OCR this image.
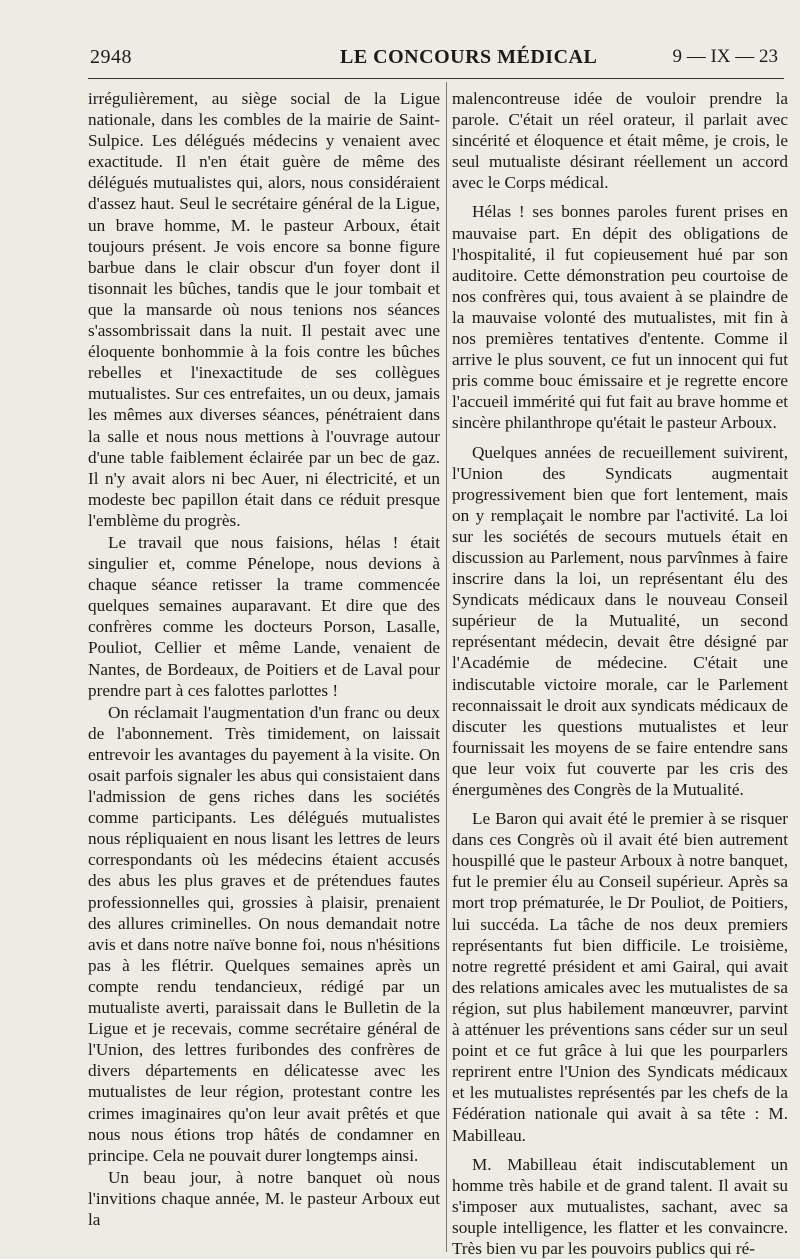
2948	LE CONCOURS MÉDICAL	9 — IX — 23

irrégulièrement, au siège social de la Ligue nationale, dans les combles de la mairie de Saint-Sulpice. Les délégués médecins y venaient avec exactitude. Il n'en était guère de même des délégués mutualistes qui, alors, nous considéraient d'assez haut. Seul le secrétaire général de la Ligue, un brave homme, M. le pasteur Arboux, était toujours présent. Je vois encore sa bonne figure barbue dans le clair obscur d'un foyer dont il tisonnait les bûches, tandis que le jour tombait et que la mansarde où nous tenions nos séances s'assombrissait dans la nuit. Il pestait avec une éloquente bonhommie à la fois contre les bûches rebelles et l'inexactitude de ses collègues mutualistes. Sur ces entrefaites, un ou deux, jamais les mêmes aux diverses séances, pénétraient dans la salle et nous nous mettions à l'ouvrage autour d'une table faiblement éclairée par un bec de gaz. Il n'y avait alors ni bec Auer, ni électricité, et un modeste bec papillon était dans ce réduit presque l'emblème du progrès.

Le travail que nous faisions, hélas ! était singulier et, comme Pénelope, nous devions à chaque séance retisser la trame commencée quelques semaines auparavant. Et dire que des confrères comme les docteurs Porson, Lasalle, Pouliot, Cellier et même Lande, venaient de Nantes, de Bordeaux, de Poitiers et de Laval pour prendre part à ces falottes parlottes !

On réclamait l'augmentation d'un franc ou deux de l'abonnement. Très timidement, on laissait entrevoir les avantages du payement à la visite. On osait parfois signaler les abus qui consistaient dans l'admission de gens riches dans les sociétés comme participants. Les délégués mutualistes nous répliquaient en nous lisant les lettres de leurs correspondants où les médecins étaient accusés des abus les plus graves et de prétendues fautes professionnelles qui, grossies à plaisir, prenaient des allures criminelles. On nous demandait notre avis et dans notre naïve bonne foi, nous n'hésitions pas à les flétrir. Quelques semaines après un compte rendu tendancieux, rédigé par un mutualiste averti, paraissait dans le Bulletin de la Ligue et je recevais, comme secrétaire général de l'Union, des lettres furibondes des confrères de divers départements en délicatesse avec les mutualistes de leur région, protestant contre les crimes imaginaires qu'on leur avait prêtés et que nous nous étions trop hâtés de condamner en principe. Cela ne pouvait durer longtemps ainsi.

Un beau jour, à notre banquet où nous l'invitions chaque année, M. le pasteur Arboux eut la

malencontreuse idée de vouloir prendre la parole. C'était un réel orateur, il parlait avec sincérité et éloquence et était même, je crois, le seul mutualiste désirant réellement un accord avec le Corps médical.

Hélas ! ses bonnes paroles furent prises en mauvaise part. En dépit des obligations de l'hospitalité, il fut copieusement hué par son auditoire. Cette démonstration peu courtoise de nos confrères qui, tous avaient à se plaindre de la mauvaise volonté des mutualistes, mit fin à nos premières tentatives d'entente. Comme il arrive le plus souvent, ce fut un innocent qui fut pris comme bouc émissaire et je regrette encore l'accueil immérité qui fut fait au brave homme et sincère philanthrope qu'était le pasteur Arboux.

Quelques années de recueillement suivirent, l'Union des Syndicats augmentait progressivement bien que fort lentement, mais on y remplaçait le nombre par l'activité. La loi sur les sociétés de secours mutuels était en discussion au Parlement, nous parvînmes à faire inscrire dans la loi, un représentant élu des Syndicats médicaux dans le nouveau Conseil supérieur de la Mutualité, un second représentant médecin, devait être désigné par l'Académie de médecine. C'était une indiscutable victoire morale, car le Parlement reconnaissait le droit aux syndicats médicaux de discuter les questions mutualistes et leur fournissait les moyens de se faire entendre sans que leur voix fut couverte par les cris des énergumènes des Congrès de la Mutualité.

Le Baron qui avait été le premier à se risquer dans ces Congrès où il avait été bien autrement houspillé que le pasteur Arboux à notre banquet, fut le premier élu au Conseil supérieur. Après sa mort trop prématurée, le Dr Pouliot, de Poitiers, lui succéda. La tâche de nos deux premiers représentants fut bien difficile. Le troisième, notre regretté président et ami Gairal, qui avait des relations amicales avec les mutualistes de sa région, sut plus habilement manœuvrer, parvint à atténuer les préventions sans céder sur un seul point et ce fut grâce à lui que les pourparlers reprirent entre l'Union des Syndicats médicaux et les mutualistes représentés par les chefs de la Fédération nationale qui avait à sa tête : M. Mabilleau.

M. Mabilleau était indiscutablement un homme très habile et de grand talent. Il avait su s'imposer aux mutualistes, sachant, avec sa souple intelligence, les flatter et les convaincre. Très bien vu par les pouvoirs publics qui ré-
